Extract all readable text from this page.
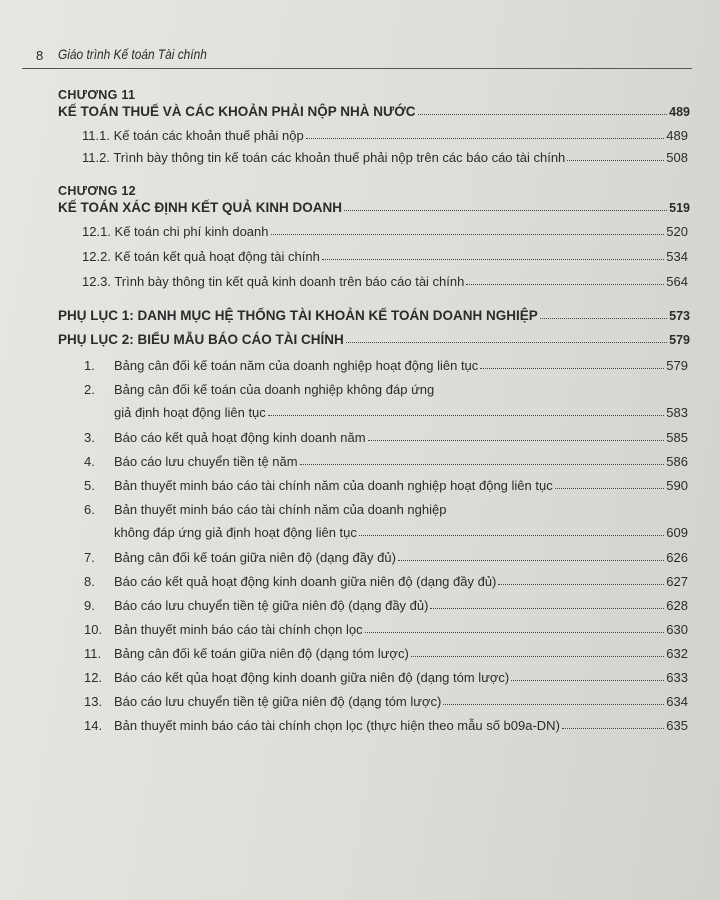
8 Giáo trình Kế toán Tài chính
CHƯƠNG 11
KẾ TOÁN THUẾ VÀ CÁC KHOẢN PHẢI NỘP NHÀ NƯỚC	489
11.1. Kế toán các khoản thuế phải nộp	489
11.2. Trình bày thông tin kế toán các khoản thuế phải nộp trên các báo cáo tài chính	508
CHƯƠNG 12
KẾ TOÁN XÁC ĐỊNH KẾT QUẢ KINH DOANH	519
12.1. Kế toán chi phí kinh doanh	520
12.2. Kế toán kết quả hoạt động tài chính	534
12.3. Trình bày thông tin kết quả kinh doanh trên báo cáo tài chính	564
PHỤ LỤC 1: DANH MỤC HỆ THỐNG TÀI KHOẢN KẾ TOÁN DOANH NGHIỆP	573
PHỤ LỤC 2: BIỂU MẪU BÁO CÁO TÀI CHÍNH	579
1. Bảng cân đối kế toán năm của doanh nghiệp hoạt động liên tục	579
2. Bảng cân đối kế toán của doanh nghiệp không đáp ứng
giả định hoạt động liên tục	583
3. Báo cáo kết quả hoạt động kinh doanh năm	585
4. Báo cáo lưu chuyển tiền tệ năm	586
5. Bản thuyết minh báo cáo tài chính năm của doanh nghiệp hoạt động liên tục	590
6. Bản thuyết minh báo cáo tài chính năm của doanh nghiệp
không đáp ứng giả định hoạt động liên tục	609
7. Bảng cân đối kế toán giữa niên độ (dạng đầy đủ)	626
8. Báo cáo kết quả hoạt động kinh doanh giữa niên độ (dạng đầy đủ)	627
9. Báo cáo lưu chuyển tiền tệ giữa niên độ (dạng đầy đủ)	628
10. Bản thuyết minh báo cáo tài chính chọn lọc	630
11. Bảng cân đối kế toán giữa niên độ (dạng tóm lược)	632
12. Báo cáo kết qủa hoạt động kinh doanh giữa niên độ (dạng tóm lược)	633
13. Báo cáo lưu chuyển tiền tệ giữa niên độ (dạng tóm lược)	634
14. Bản thuyết minh báo cáo tài chính chọn lọc (thực hiện theo mẫu số b09a-DN)	635
